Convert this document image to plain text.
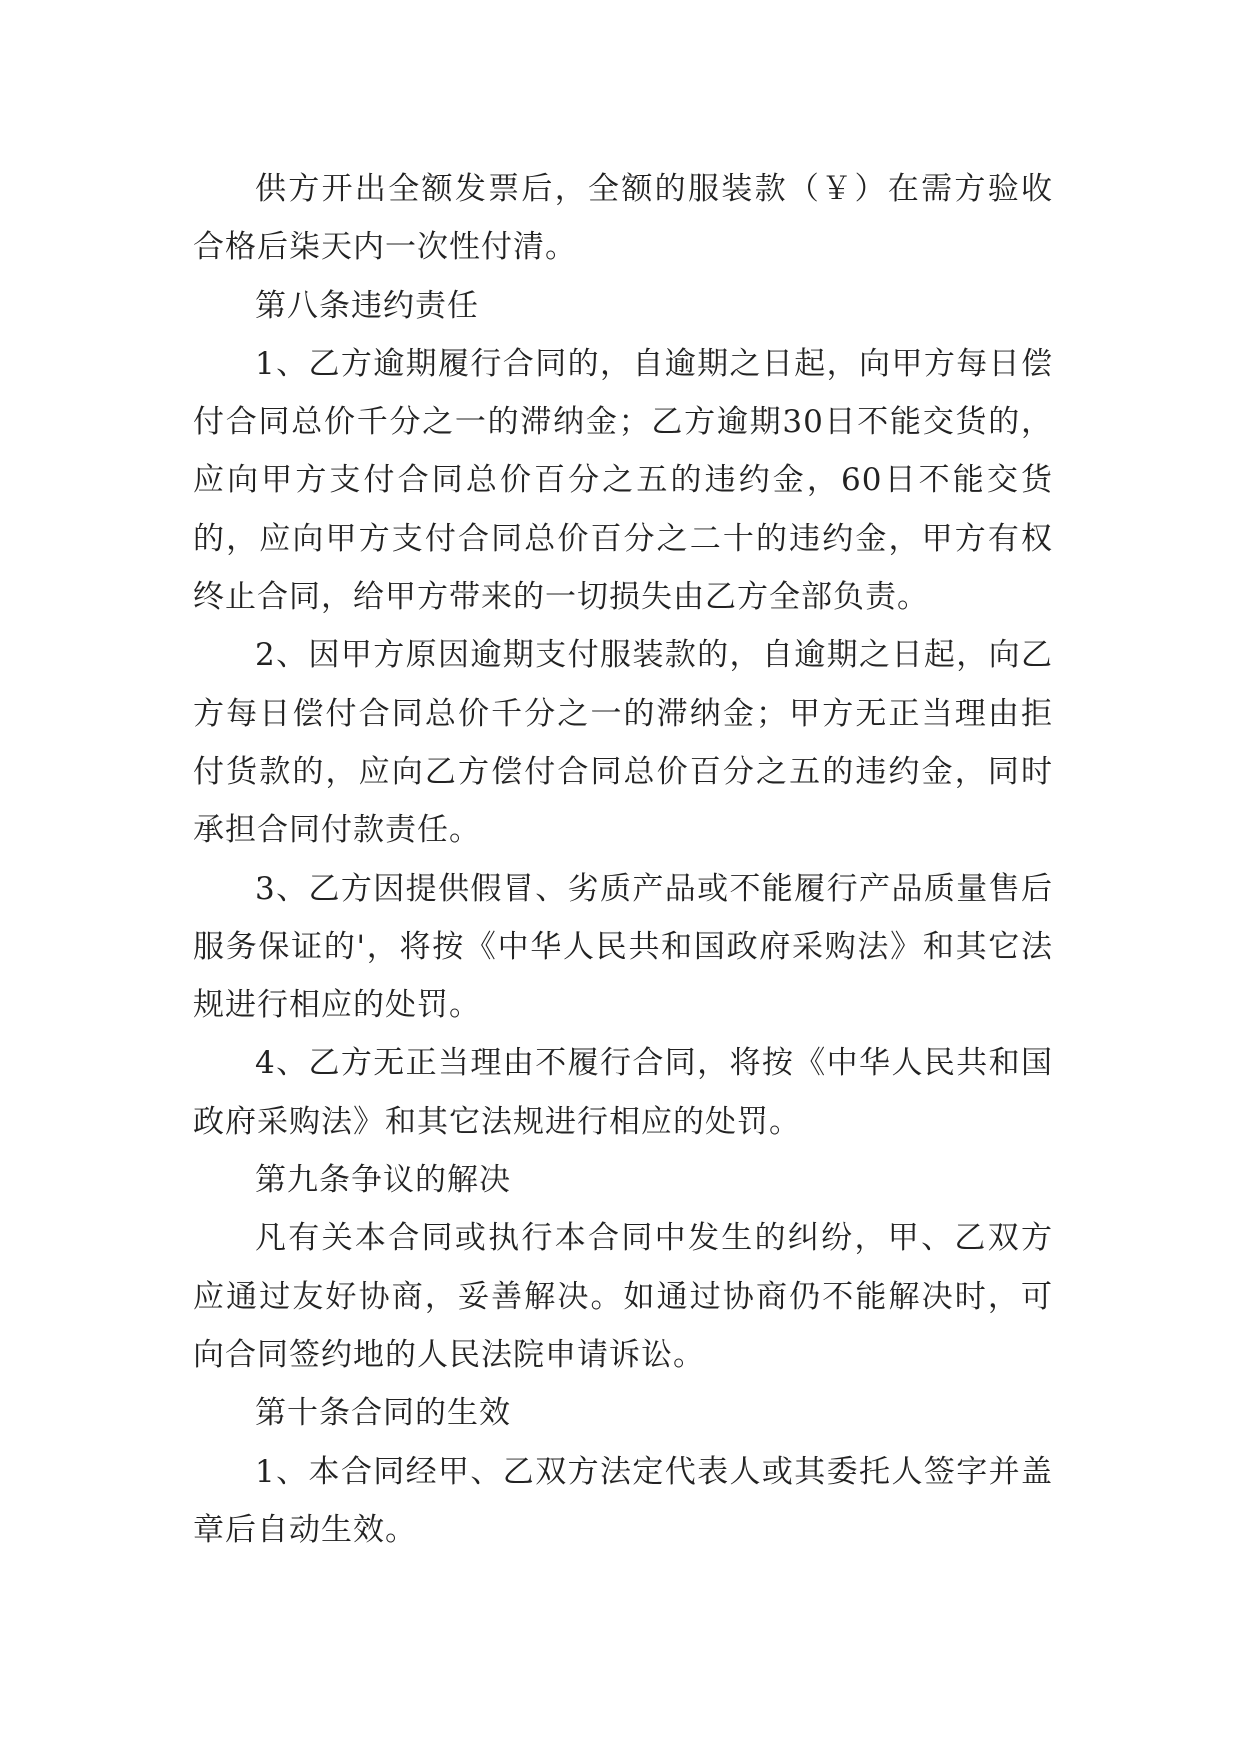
供方开出全额发票后，全额的服装款（￥）在需方验收合格后柒天内一次性付清。

第八条违约责任

1、乙方逾期履行合同的，自逾期之日起，向甲方每日偿付合同总价千分之一的滞纳金；乙方逾期30日不能交货的，应向甲方支付合同总价百分之五的违约金，60日不能交货的，应向甲方支付合同总价百分之二十的违约金，甲方有权终止合同，给甲方带来的一切损失由乙方全部负责。

2、因甲方原因逾期支付服装款的，自逾期之日起，向乙方每日偿付合同总价千分之一的滞纳金；甲方无正当理由拒付货款的，应向乙方偿付合同总价百分之五的违约金，同时承担合同付款责任。

3、乙方因提供假冒、劣质产品或不能履行产品质量售后服务保证的'，将按《中华人民共和国政府采购法》和其它法规进行相应的处罚。

4、乙方无正当理由不履行合同，将按《中华人民共和国政府采购法》和其它法规进行相应的处罚。

第九条争议的解决

凡有关本合同或执行本合同中发生的纠纷，甲、乙双方应通过友好协商，妥善解决。如通过协商仍不能解决时，可向合同签约地的人民法院申请诉讼。

第十条合同的生效

1、本合同经甲、乙双方法定代表人或其委托人签字并盖章后自动生效。
